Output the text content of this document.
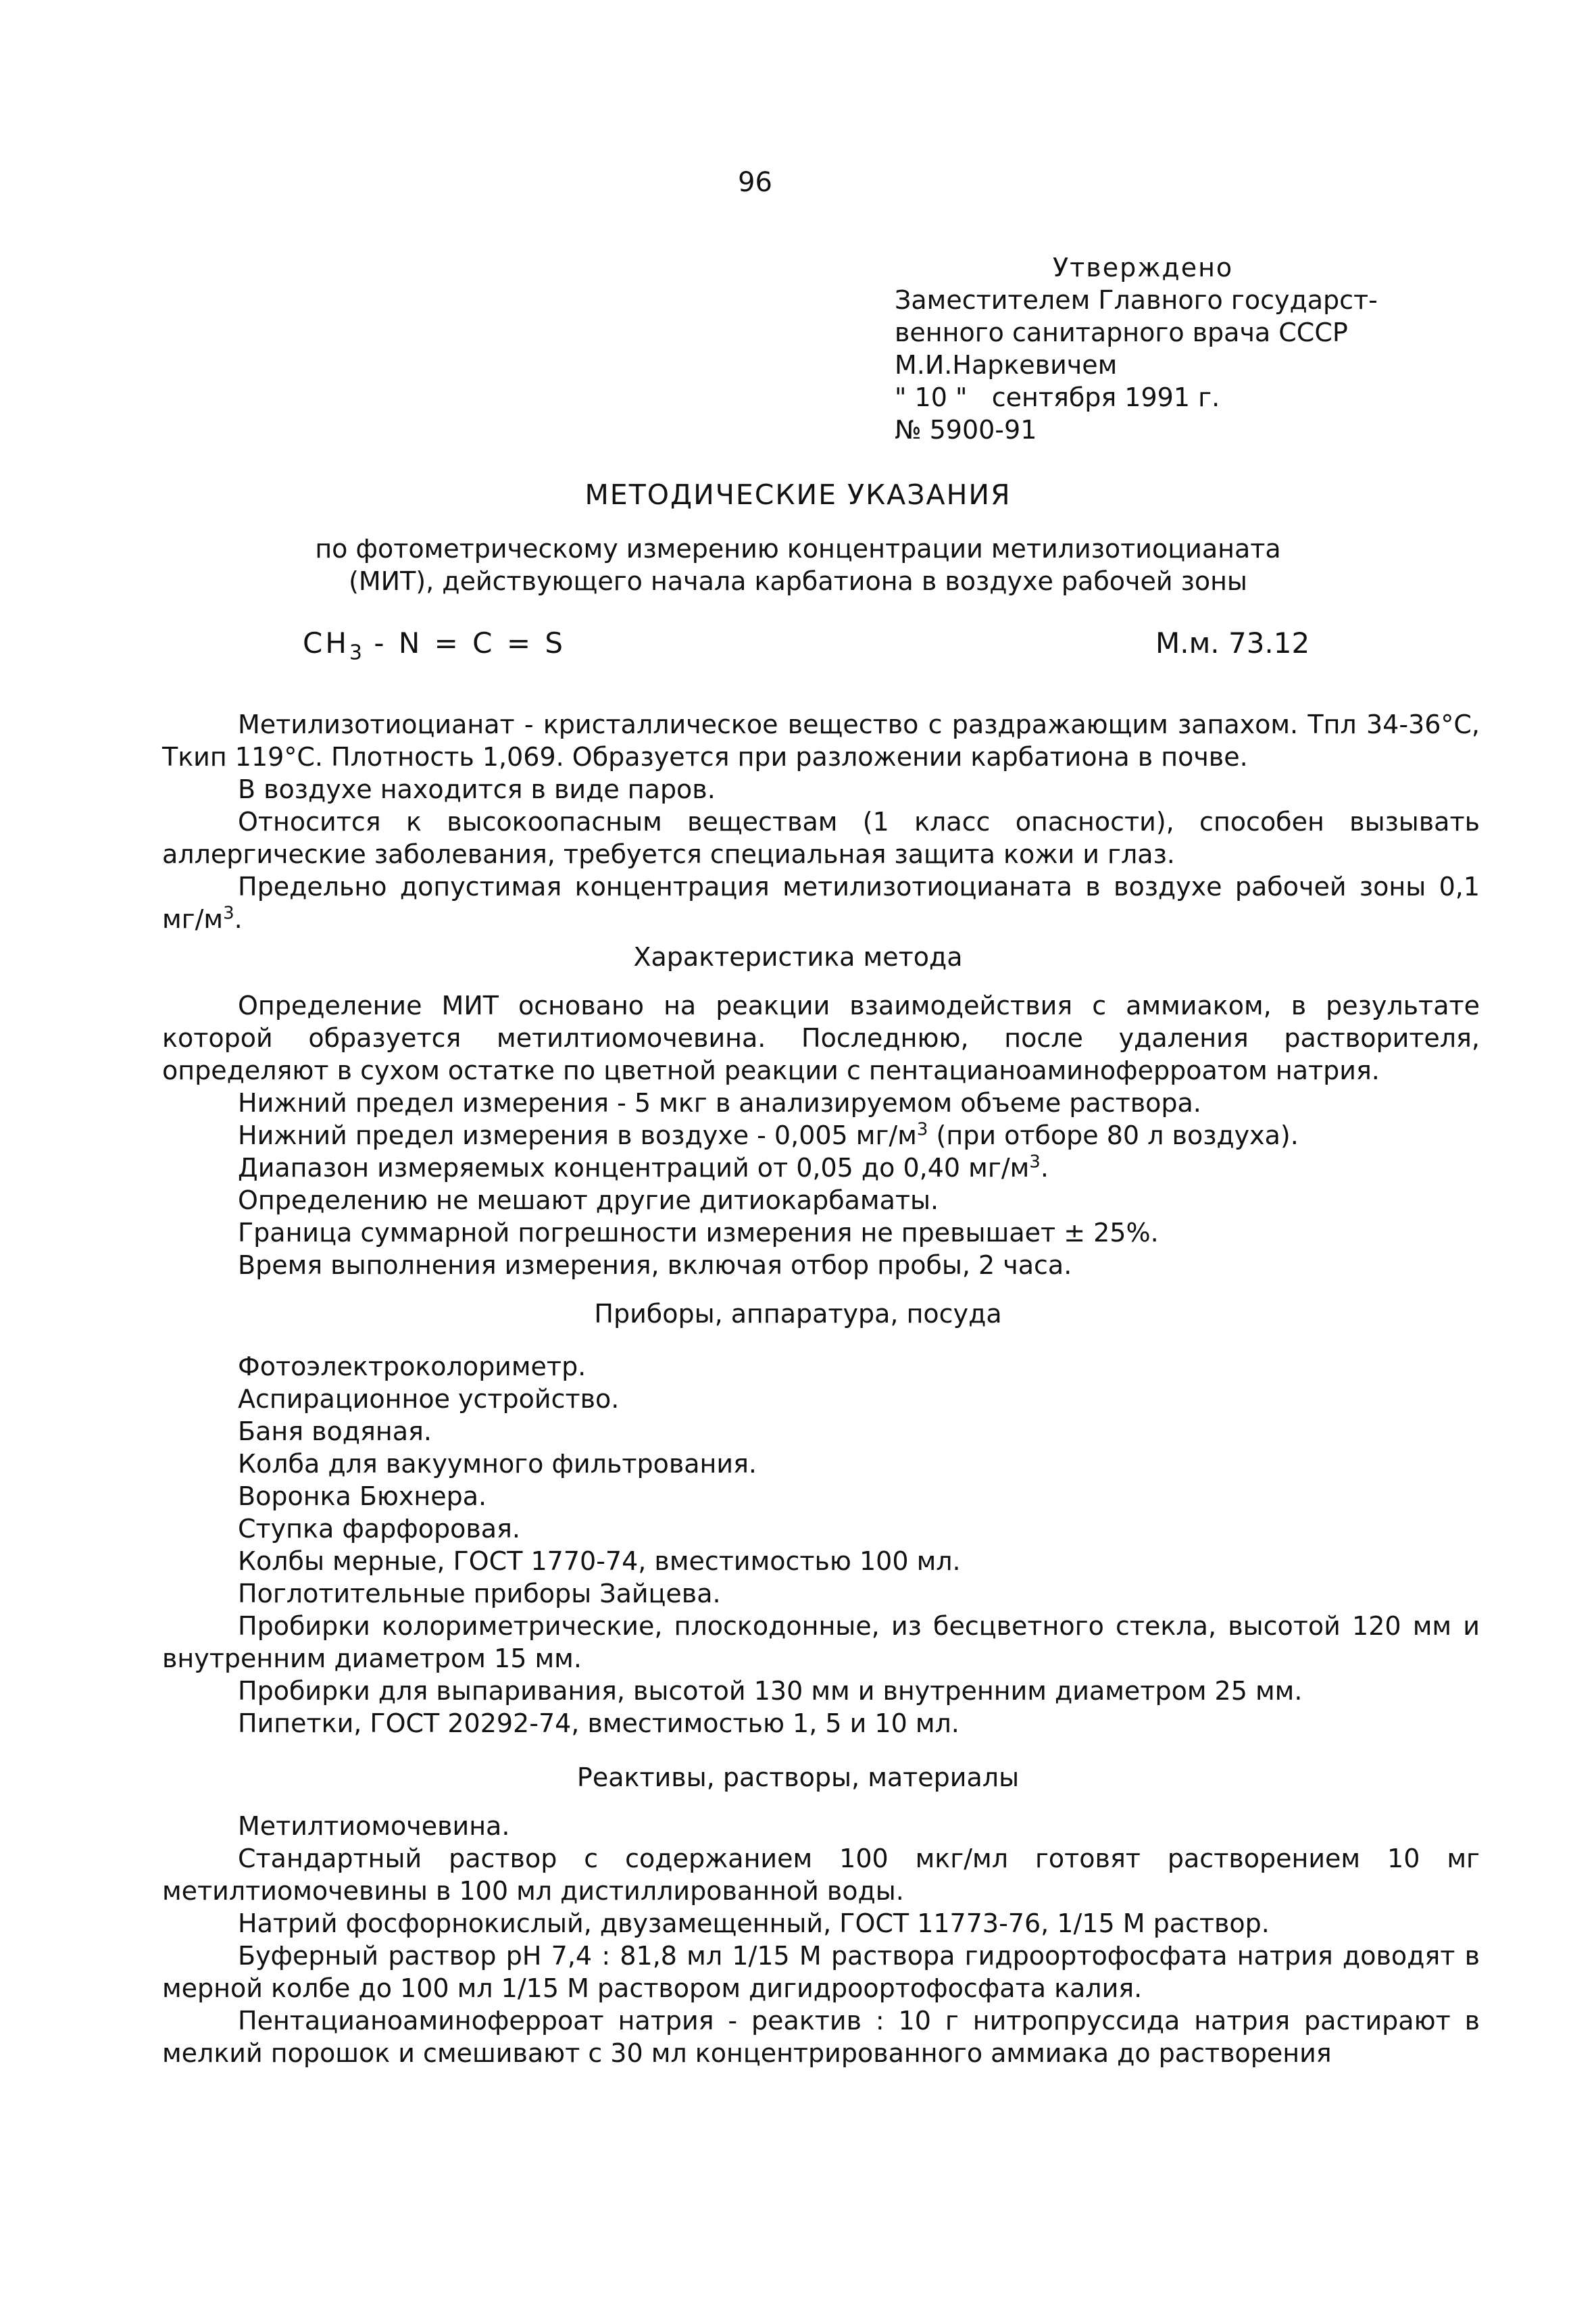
96
Утверждено
Заместителем Главного государст-
венного санитарного врача СССР
М.И.Наркевичем
" 10 "   сентября 1991 г.
№ 5900-91
МЕТОДИЧЕСКИЕ УКАЗАНИЯ
по фотометрическому измерению концентрации метилизотиоцианата
(МИТ), действующего начала карбатиона в воздухе рабочей зоны
$CH_3 - N = C = S$	М.м. 73.12

Метилизотиоцианат - кристаллическое вещество с раздражающим запахом. Тпл 34-36°С, Ткип 119°С. Плотность 1,069. Образуется при разложении карбатиона в почве.

В воздухе находится в виде паров.

Относится к высокоопасным веществам (1 класс опасности), способен вызывать аллергические заболевания, требуется специальная защита кожи и глаз.

Предельно допустимая концентрация метилизотиоцианата в воздухе рабочей зоны 0,1 $мг/м^3$.

Характеристика метода

Определение МИТ основано на реакции взаимодействия с аммиаком, в результате которой образуется метилтиомочевина. Последнюю, после удаления растворителя, определяют в сухом остатке по цветной реакции с пентацианоаминоферроатом натрия.

Нижний предел измерения - 5 мкг в анализируемом объеме раствора.

Нижний предел измерения в воздухе - 0,005 $мг/м^3$ (при отборе 80 л воздуха).

Диапазон измеряемых концентраций от 0,05 до 0,40 $мг/м^3$.

Определению не мешают другие дитиокарбаматы.

Граница суммарной погрешности измерения не превышает ± 25%.

Время выполнения измерения, включая отбор пробы, 2 часа.

Приборы, аппаратура, посуда

Фотоэлектроколориметр.

Аспирационное устройство.

Баня водяная.

Колба для вакуумного фильтрования.

Воронка Бюхнера.

Ступка фарфоровая.

Колбы мерные, ГОСТ 1770-74, вместимостью 100 мл.

Поглотительные приборы Зайцева.

Пробирки колориметрические, плоскодонные, из бесцветного стекла, высотой 120 мм и внутренним диаметром 15 мм.

Пробирки для выпаривания, высотой 130 мм и внутренним диаметром 25 мм.

Пипетки, ГОСТ 20292-74, вместимостью 1, 5 и 10 мл.

Реактивы, растворы, материалы

Метилтиомочевина.

Стандартный раствор с содержанием 100 мкг/мл готовят растворением 10 мг метилтиомочевины в 100 мл дистиллированной воды.

Натрий фосфорнокислый, двузамещенный, ГОСТ 11773-76, 1/15 М раствор.

Буферный раствор рН 7,4 : 81,8 мл 1/15 М раствора гидроортофосфата натрия доводят в мерной колбе до 100 мл 1/15 М раствором дигидроортофосфата калия.

Пентацианоаминоферроат натрия - реактив : 10 г нитропруссида натрия растирают в мелкий порошок и смешивают с 30 мл концентрированного аммиака до растворения
